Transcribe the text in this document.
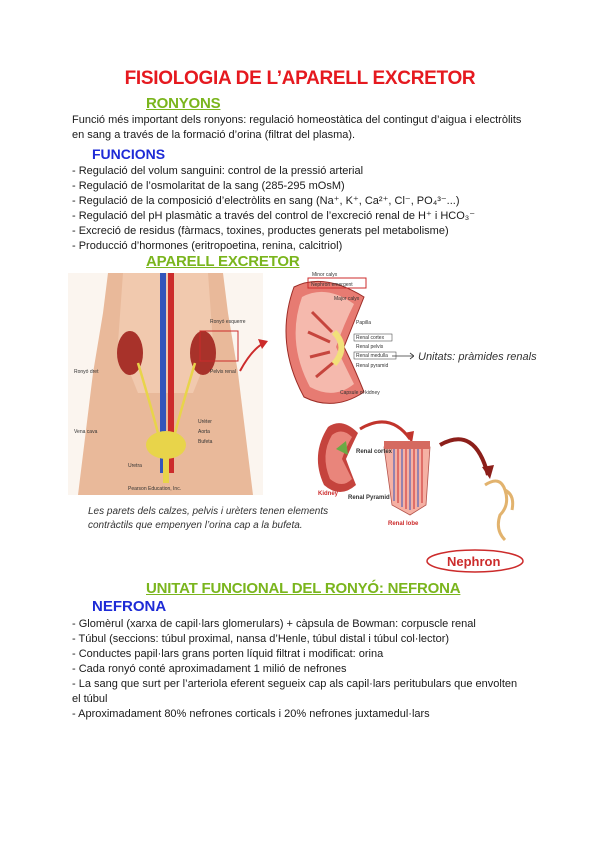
FISIOLOGIA DE L’APARELL EXCRETOR
RONYONS
Funció més important dels ronyons: regulació homeostàtica del contingut d’aigua i electròlits
en sang a través de la formació d’orina (filtrat del plasma).
FUNCIONS
- Regulació del volum sanguini: control de la pressió arterial
- Regulació de l’osmolaritat de la sang (285-295 mOsM)
- Regulació de la composició d’electròlits en sang (Na⁺, K⁺, Ca²⁺, Cl⁻, PO₄³⁻...)
- Regulació del pH plasmàtic a través del control de l’excreció renal de H⁺ i HCO₃⁻
- Excreció de residus (fàrmacs, toxines, productes generats pel metabolisme)
- Producció d’hormones (eritropoetina, renina, calcitriol)
APARELL EXCRETOR
Ronyó dret
Ronyó esquerre
Pelvis renal
Urèter
Bufeta
Uretra
Vena cava	Aorta
Pearson Education, Inc.
Minor calyx
Nephron emergent
Major calyx
Papilla
Renal cortex
Renal pelvis
Renal medulla
Renal pyramid
Capsule of kidney
Unitats: pràmides renals
Renal cortex
Kidney
Renal Pyramid
Renal lobe
Nephron
Les parets dels calzes, pelvis i urèters tenen elements
contràctils que empenyen l’orina cap a la bufeta.
UNITAT FUNCIONAL DEL RONYÓ: NEFRONA
NEFRONA
- Glomèrul (xarxa de capil·lars glomerulars) + càpsula de Bowman: corpuscle renal
- Túbul (seccions: túbul proximal, nansa d’Henle, túbul distal i túbul col·lector)
- Conductes papil·lars grans porten líquid filtrat i modificat: orina
- Cada ronyó conté aproximadament 1 milió de nefrones
- La sang que surt per l’arteriola eferent segueix cap als capil·lars peritubulars que envolten
el túbul
- Aproximadament 80% nefrones corticals i 20% nefrones juxtamedul·lars
